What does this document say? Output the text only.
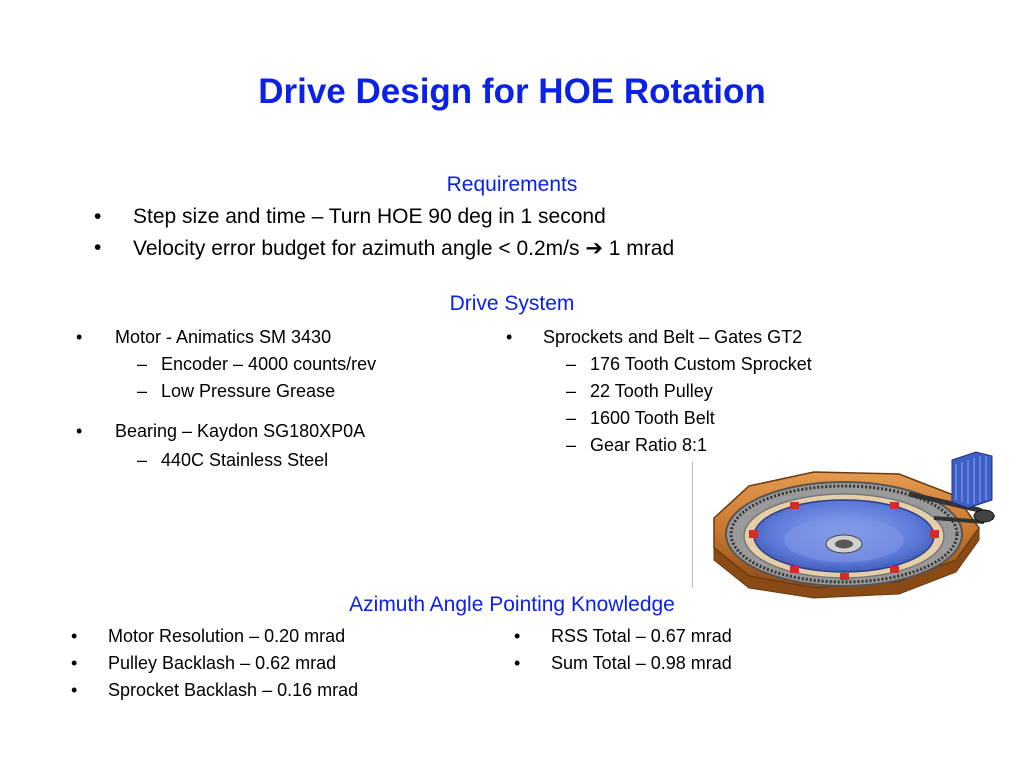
Drive Design for HOE Rotation
Requirements
• Step size and time – Turn HOE 90 deg in 1 second
• Velocity error budget for azimuth angle < 0.2m/s ➔ 1 mrad
Drive System
• Motor - Animatics SM 3430
– Encoder – 4000 counts/rev
– Low Pressure Grease
• Bearing – Kaydon SG180XP0A
– 440C Stainless Steel
• Sprockets and Belt – Gates GT2
– 176 Tooth Custom Sprocket
– 22 Tooth Pulley
– 1600 Tooth Belt
– Gear Ratio 8:1
Azimuth Angle Pointing Knowledge
• Motor Resolution – 0.20 mrad
• Pulley Backlash – 0.62 mrad
• Sprocket Backlash – 0.16 mrad
• RSS Total – 0.67 mrad
• Sum Total – 0.98 mrad
